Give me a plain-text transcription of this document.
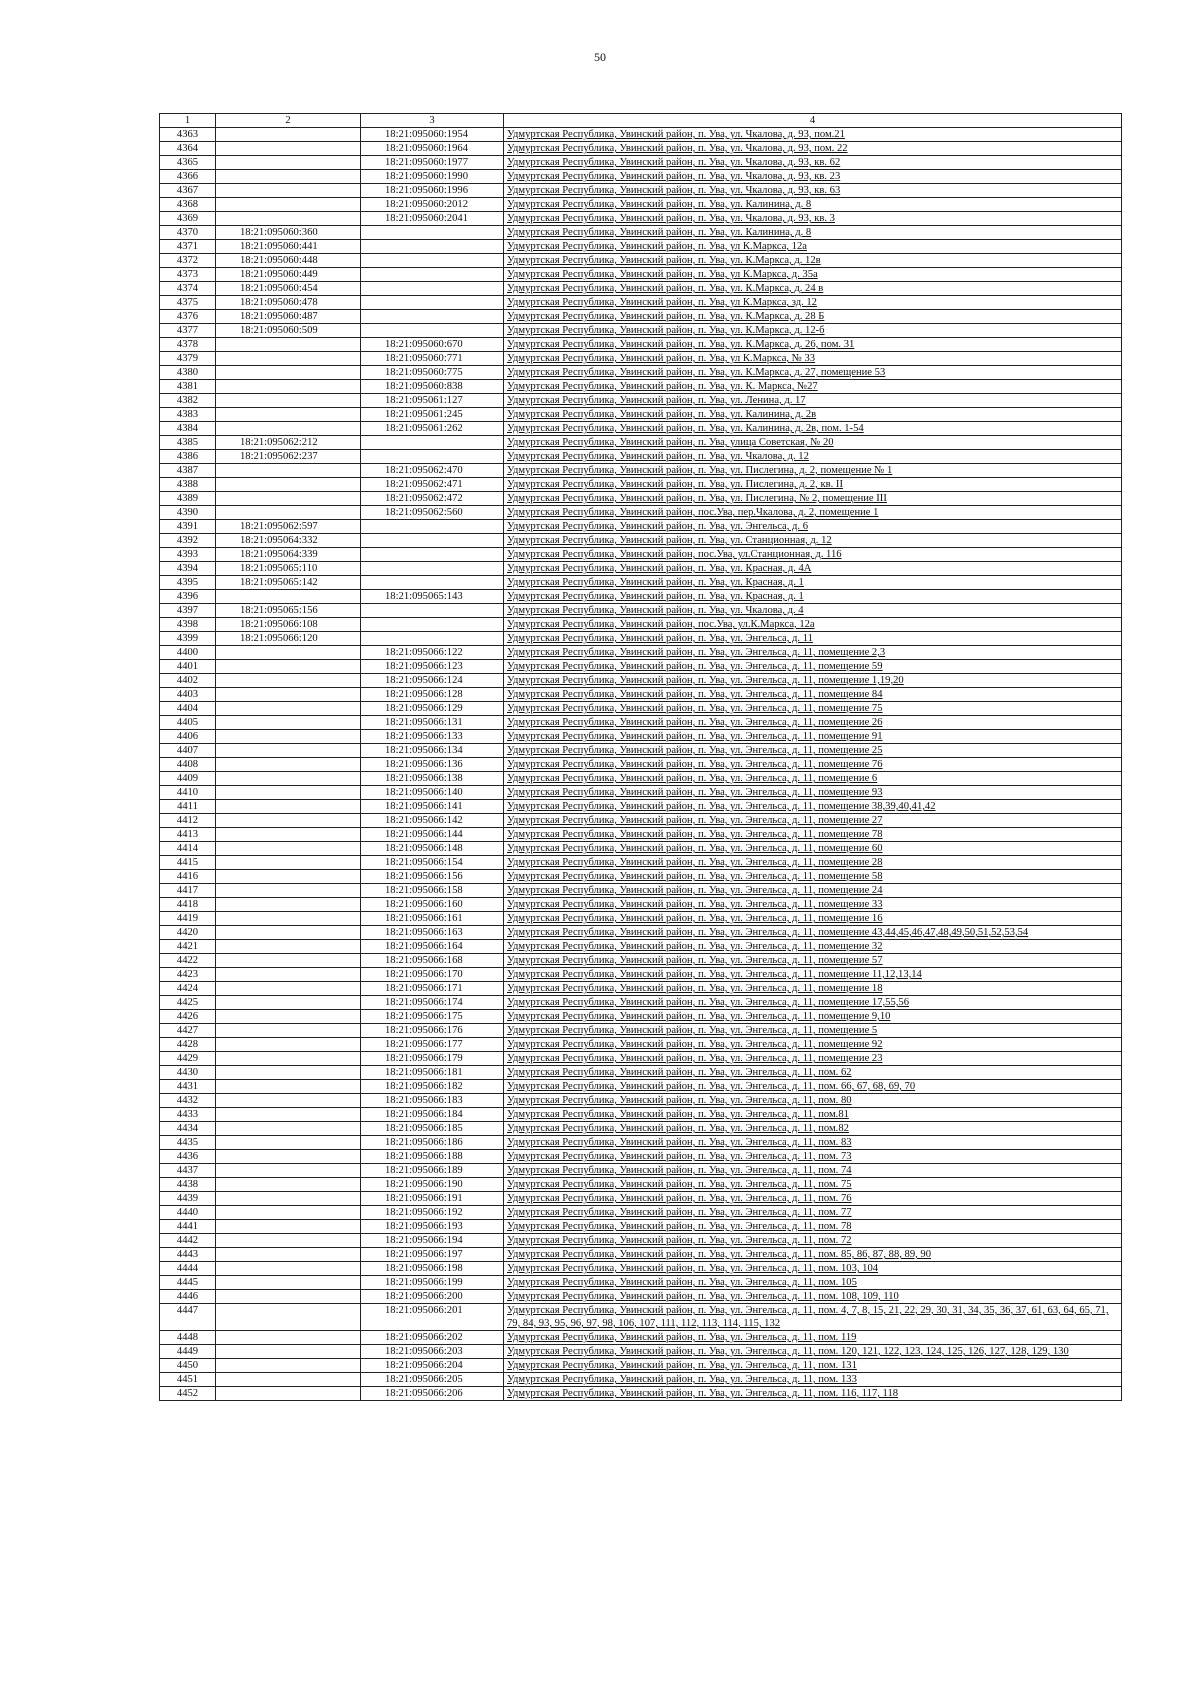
50
1	2	3	4
4363		18:21:095060:1954	Удмуртская Республика, Увинский район, п. Ува, ул. Чкалова, д. 93, пом.21
4364		18:21:095060:1964	Удмуртская Республика, Увинский район, п. Ува, ул. Чкалова, д. 93, пом. 22
4365		18:21:095060:1977	Удмуртская Республика, Увинский район, п. Ува, ул. Чкалова, д. 93, кв. 62
4366		18:21:095060:1990	Удмуртская Республика, Увинский район, п. Ува, ул. Чкалова, д. 93, кв. 23
4367		18:21:095060:1996	Удмуртская Республика, Увинский район, п. Ува, ул. Чкалова, д. 93, кв. 63
4368		18:21:095060:2012	Удмуртская Республика, Увинский район, п. Ува, ул. Калинина, д. 8
4369		18:21:095060:2041	Удмуртская Республика, Увинский район, п. Ува, ул. Чкалова, д. 93, кв. 3
4370	18:21:095060:360		Удмуртская Республика, Увинский район, п. Ува, ул. Калинина, д. 8
4371	18:21:095060:441		Удмуртская Республика, Увинский район, п. Ува, ул К.Маркса, 12а
4372	18:21:095060:448		Удмуртская Республика, Увинский район, п. Ува, ул. К.Маркса, д. 12в
4373	18:21:095060:449		Удмуртская Республика, Увинский район, п. Ува, ул К.Маркса, д. 35а
4374	18:21:095060:454		Удмуртская Республика, Увинский район, п. Ува, ул. К.Маркса, д. 24 в
4375	18:21:095060:478		Удмуртская Республика, Увинский район, п. Ува, ул К.Маркса, зд. 12
4376	18:21:095060:487		Удмуртская Республика, Увинский район, п. Ува, ул. К.Маркса, д. 28 Б
4377	18:21:095060:509		Удмуртская Республика, Увинский район, п. Ува, ул. К.Маркса, д. 12-б
4378		18:21:095060:670	Удмуртская Республика, Увинский район, п. Ува, ул. К.Маркса, д. 26, пом. 31
4379		18:21:095060:771	Удмуртская Республика, Увинский район, п. Ува, ул К.Маркса, № 33
4380		18:21:095060:775	Удмуртская Республика, Увинский район, п. Ува, ул. К.Маркса, д. 27, помещение 53
4381		18:21:095060:838	Удмуртская Республика, Увинский район, п. Ува, ул. К. Маркса, №27
4382		18:21:095061:127	Удмуртская Республика, Увинский район, п. Ува, ул. Ленина, д. 17
4383		18:21:095061:245	Удмуртская Республика, Увинский район, п. Ува, ул. Калинина, д. 2в
4384		18:21:095061:262	Удмуртская Республика, Увинский район, п. Ува, ул. Калинина, д. 2в, пом. 1-54
4385	18:21:095062:212		Удмуртская Республика, Увинский район, п. Ува, улица Советская, № 20
4386	18:21:095062:237		Удмуртская Республика, Увинский район, п. Ува, ул. Чкалова, д. 12
4387		18:21:095062:470	Удмуртская Республика, Увинский район, п. Ува, ул. Пислегина, д. 2, помещение № 1
4388		18:21:095062:471	Удмуртская Республика, Увинский район, п. Ува, ул. Пислегина, д. 2, кв. II
4389		18:21:095062:472	Удмуртская Республика, Увинский район, п. Ува, ул. Пислегина, № 2, помещение III
4390		18:21:095062:560	Удмуртская Республика, Увинский район, пос.Ува, пер.Чкалова, д. 2, помещение 1
4391	18:21:095062:597		Удмуртская Республика, Увинский район, п. Ува, ул. Энгельса, д. 6
4392	18:21:095064:332		Удмуртская Республика, Увинский район, п. Ува, ул. Станционная, д. 12
4393	18:21:095064:339		Удмуртская Республика, Увинский район, пос.Ува, ул.Станционная, д. 116
4394	18:21:095065:110		Удмуртская Республика, Увинский район, п. Ува, ул. Красная, д. 4А
4395	18:21:095065:142		Удмуртская Республика, Увинский район, п. Ува, ул. Красная, д. 1
4396		18:21:095065:143	Удмуртская Республика, Увинский район, п. Ува, ул. Красная, д. 1
4397	18:21:095065:156		Удмуртская Республика, Увинский район, п. Ува, ул. Чкалова, д. 4
4398	18:21:095066:108		Удмуртская Республика, Увинский район, пос.Ува, ул.К.Маркса, 12а
4399	18:21:095066:120		Удмуртская Республика, Увинский район, п. Ува, ул. Энгельса, д. 11
4400		18:21:095066:122	Удмуртская Республика, Увинский район, п. Ува, ул. Энгельса, д. 11, помещение 2,3
4401		18:21:095066:123	Удмуртская Республика, Увинский район, п. Ува, ул. Энгельса, д. 11, помещение 59
4402		18:21:095066:124	Удмуртская Республика, Увинский район, п. Ува, ул. Энгельса, д. 11, помещение 1,19,20
4403		18:21:095066:128	Удмуртская Республика, Увинский район, п. Ува, ул. Энгельса, д. 11, помещение 84
4404		18:21:095066:129	Удмуртская Республика, Увинский район, п. Ува, ул. Энгельса, д. 11, помещение 75
4405		18:21:095066:131	Удмуртская Республика, Увинский район, п. Ува, ул. Энгельса, д. 11, помещение 26
4406		18:21:095066:133	Удмуртская Республика, Увинский район, п. Ува, ул. Энгельса, д. 11, помещение 91
4407		18:21:095066:134	Удмуртская Республика, Увинский район, п. Ува, ул. Энгельса, д. 11, помещение 25
4408		18:21:095066:136	Удмуртская Республика, Увинский район, п. Ува, ул. Энгельса, д. 11, помещение 76
4409		18:21:095066:138	Удмуртская Республика, Увинский район, п. Ува, ул. Энгельса, д. 11, помещение 6
4410		18:21:095066:140	Удмуртская Республика, Увинский район, п. Ува, ул. Энгельса, д. 11, помещение 93
4411		18:21:095066:141	Удмуртская Республика, Увинский район, п. Ува, ул. Энгельса, д. 11, помещение 38,39,40,41,42
4412		18:21:095066:142	Удмуртская Республика, Увинский район, п. Ува, ул. Энгельса, д. 11, помещение 27
4413		18:21:095066:144	Удмуртская Республика, Увинский район, п. Ува, ул. Энгельса, д. 11, помещение 78
4414		18:21:095066:148	Удмуртская Республика, Увинский район, п. Ува, ул. Энгельса, д. 11, помещение 60
4415		18:21:095066:154	Удмуртская Республика, Увинский район, п. Ува, ул. Энгельса, д. 11, помещение 28
4416		18:21:095066:156	Удмуртская Республика, Увинский район, п. Ува, ул. Энгельса, д. 11, помещение 58
4417		18:21:095066:158	Удмуртская Республика, Увинский район, п. Ува, ул. Энгельса, д. 11, помещение 24
4418		18:21:095066:160	Удмуртская Республика, Увинский район, п. Ува, ул. Энгельса, д. 11, помещение 33
4419		18:21:095066:161	Удмуртская Республика, Увинский район, п. Ува, ул. Энгельса, д. 11, помещение 16
4420		18:21:095066:163	Удмуртская Республика, Увинский район, п. Ува, ул. Энгельса, д. 11, помещение 43,44,45,46,47,48,49,50,51,52,53,54
4421		18:21:095066:164	Удмуртская Республика, Увинский район, п. Ува, ул. Энгельса, д. 11, помещение 32
4422		18:21:095066:168	Удмуртская Республика, Увинский район, п. Ува, ул. Энгельса, д. 11, помещение 57
4423		18:21:095066:170	Удмуртская Республика, Увинский район, п. Ува, ул. Энгельса, д. 11, помещение 11,12,13,14
4424		18:21:095066:171	Удмуртская Республика, Увинский район, п. Ува, ул. Энгельса, д. 11, помещение 18
4425		18:21:095066:174	Удмуртская Республика, Увинский район, п. Ува, ул. Энгельса, д. 11, помещение 17,55,56
4426		18:21:095066:175	Удмуртская Республика, Увинский район, п. Ува, ул. Энгельса, д. 11, помещение 9,10
4427		18:21:095066:176	Удмуртская Республика, Увинский район, п. Ува, ул. Энгельса, д. 11, помещение 5
4428		18:21:095066:177	Удмуртская Республика, Увинский район, п. Ува, ул. Энгельса, д. 11, помещение 92
4429		18:21:095066:179	Удмуртская Республика, Увинский район, п. Ува, ул. Энгельса, д. 11, помещение 23
4430		18:21:095066:181	Удмуртская Республика, Увинский район, п. Ува, ул. Энгельса, д. 11, пом. 62
4431		18:21:095066:182	Удмуртская Республика, Увинский район, п. Ува, ул. Энгельса, д. 11, пом. 66, 67, 68, 69, 70
4432		18:21:095066:183	Удмуртская Республика, Увинский район, п. Ува, ул. Энгельса, д. 11, пом. 80
4433		18:21:095066:184	Удмуртская Республика, Увинский район, п. Ува, ул. Энгельса, д. 11, пом.81
4434		18:21:095066:185	Удмуртская Республика, Увинский район, п. Ува, ул. Энгельса, д. 11, пом.82
4435		18:21:095066:186	Удмуртская Республика, Увинский район, п. Ува, ул. Энгельса, д. 11, пом. 83
4436		18:21:095066:188	Удмуртская Республика, Увинский район, п. Ува, ул. Энгельса, д. 11, пом. 73
4437		18:21:095066:189	Удмуртская Республика, Увинский район, п. Ува, ул. Энгельса, д. 11, пом. 74
4438		18:21:095066:190	Удмуртская Республика, Увинский район, п. Ува, ул. Энгельса, д. 11, пом. 75
4439		18:21:095066:191	Удмуртская Республика, Увинский район, п. Ува, ул. Энгельса, д. 11, пом. 76
4440		18:21:095066:192	Удмуртская Республика, Увинский район, п. Ува, ул. Энгельса, д. 11, пом. 77
4441		18:21:095066:193	Удмуртская Республика, Увинский район, п. Ува, ул. Энгельса, д. 11, пом. 78
4442		18:21:095066:194	Удмуртская Республика, Увинский район, п. Ува, ул. Энгельса, д. 11, пом. 72
4443		18:21:095066:197	Удмуртская Республика, Увинский район, п. Ува, ул. Энгельса, д. 11, пом. 85, 86, 87, 88, 89, 90
4444		18:21:095066:198	Удмуртская Республика, Увинский район, п. Ува, ул. Энгельса, д. 11, пом. 103, 104
4445		18:21:095066:199	Удмуртская Республика, Увинский район, п. Ува, ул. Энгельса, д. 11, пом. 105
4446		18:21:095066:200	Удмуртская Республика, Увинский район, п. Ува, ул. Энгельса, д. 11, пом. 108, 109, 110
4447		18:21:095066:201	Удмуртская Республика, Увинский район, п. Ува, ул. Энгельса, д. 11, пом. 4, 7, 8, 15, 21, 22, 29, 30, 31, 34, 35, 36, 37, 61, 63, 64, 65, 71, 79, 84, 93, 95, 96, 97, 98, 106, 107, 111, 112, 113, 114, 115, 132
4448		18:21:095066:202	Удмуртская Республика, Увинский район, п. Ува, ул. Энгельса, д. 11, пом. 119
4449		18:21:095066:203	Удмуртская Республика, Увинский район, п. Ува, ул. Энгельса, д. 11, пом. 120, 121, 122, 123, 124, 125, 126, 127, 128, 129, 130
4450		18:21:095066:204	Удмуртская Республика, Увинский район, п. Ува, ул. Энгельса, д. 11, пом. 131
4451		18:21:095066:205	Удмуртская Республика, Увинский район, п. Ува, ул. Энгельса, д. 11, пом. 133
4452		18:21:095066:206	Удмуртская Республика, Увинский район, п. Ува, ул. Энгельса, д. 11, пом. 116, 117, 118
